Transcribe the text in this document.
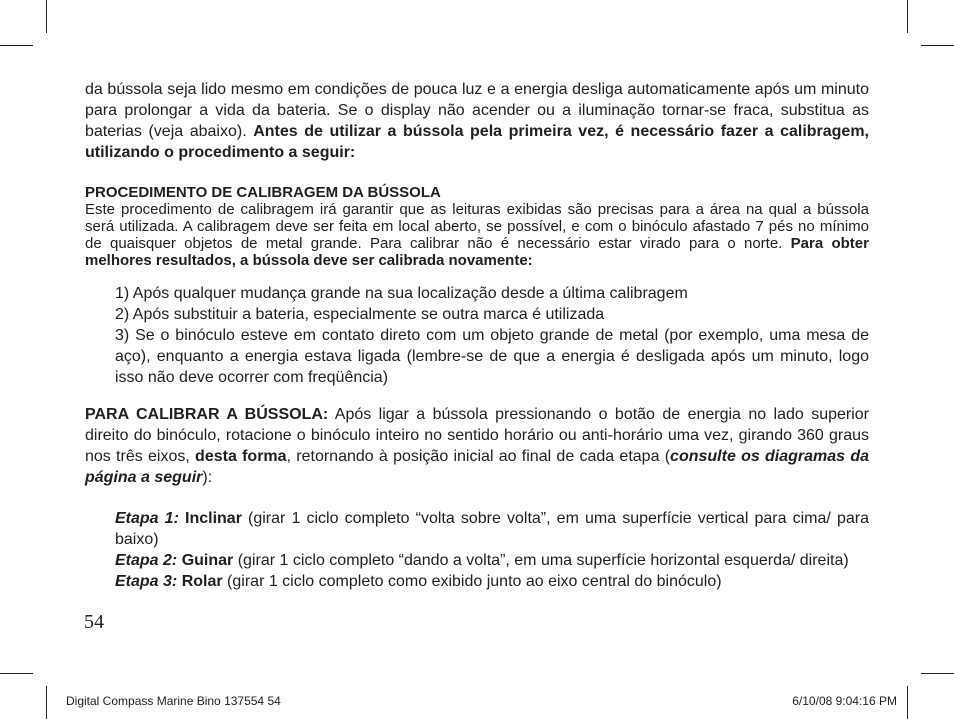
da bússola seja lido mesmo em condições de pouca luz e a energia desliga automaticamente após um minuto para prolongar a vida da bateria. Se o display não acender ou a iluminação tornar-se fraca, substitua as baterias (veja abaixo). Antes de utilizar a bússola pela primeira vez, é necessário fazer a calibragem, utilizando o procedimento a seguir:

PROCEDIMENTO DE CALIBRAGEM DA BÚSSOLA

Este procedimento de calibragem irá garantir que as leituras exibidas são precisas para a área na qual a bússola será utilizada. A calibragem deve ser feita em local aberto, se possível, e com o binóculo afastado 7 pés no mínimo de quaisquer objetos de metal grande. Para calibrar não é necessário estar virado para o norte. Para obter melhores resultados, a bússola deve ser calibrada novamente:

1) Após qualquer mudança grande na sua localização desde a última calibragem

2) Após substituir a bateria, especialmente se outra marca é utilizada

3) Se o binóculo esteve em contato direto com um objeto grande de metal (por exemplo, uma mesa de aço), enquanto a energia estava ligada (lembre-se de que a energia é desligada após um minuto, logo isso não deve ocorrer com freqüência)

PARA CALIBRAR A BÚSSOLA: Após ligar a bússola pressionando o botão de energia no lado superior direito do binóculo, rotacione o binóculo inteiro no sentido horário ou anti-horário uma vez, girando 360 graus nos três eixos, desta forma, retornando à posição inicial ao final de cada etapa (consulte os diagramas da página a seguir):

Etapa 1: Inclinar (girar 1 ciclo completo “volta sobre volta”, em uma superfície vertical para cima/ para baixo)

Etapa 2: Guinar (girar 1 ciclo completo “dando a volta”, em uma superfície horizontal esquerda/ direita)

Etapa 3: Rolar (girar 1 ciclo completo como exibido junto ao eixo central do binóculo)

54
Digital Compass Marine Bino 137554 54	6/10/08 9:04:16 PM
